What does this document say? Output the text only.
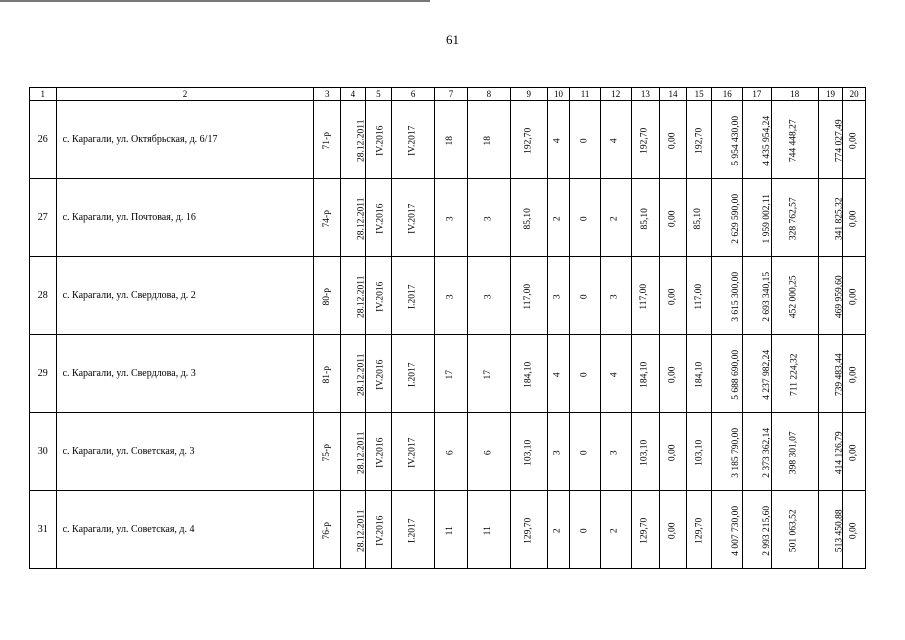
61
1	2	3	4	5	6	7	8	9	10	11	12	13	14	15	16	17	18	19	20
26	с. Карагали, ул. Октябрьская, д. 6/17	71-р	28.12.2011	IV.2016	IV.2017	18	18	192,70	4	0	4	192,70	0,00	192,70	5 954 430,00	4 435 954,24	744 448,27	774 027,49	0,00
27	с. Карагали, ул. Почтовая, д. 16	74-р	28.12.2011	IV.2016	IV.2017	3	3	85,10	2	0	2	85,10	0,00	85,10	2 629 590,00	1 959 002,11	328 762,57	341 825,32	0,00
28	с. Карагали, ул. Свердлова, д. 2	80-р	28.12.2011	IV.2016	I.2017	3	3	117,00	3	0	3	117,00	0,00	117,00	3 615 300,00	2 693 340,15	452 000,25	469 959,60	0,00
29	с. Карагали, ул. Свердлова, д. 3	81-р	28.12.2011	IV.2016	I.2017	17	17	184,10	4	0	4	184,10	0,00	184,10	5 688 690,00	4 237 982,24	711 224,32	739 483,44	0,00
30	с. Карагали, ул. Советская, д. 3	75-р	28.12.2011	IV.2016	IV.2017	6	6	103,10	3	0	3	103,10	0,00	103,10	3 185 790,00	2 373 362,14	398 301,07	414 126,79	0,00
31	с. Карагали, ул. Советская, д. 4	76-р	28.12.2011	IV.2016	I.2017	11	11	129,70	2	0	2	129,70	0,00	129,70	4 007 730,00	2 993 215,60	501 063,52	513 450,88	0,00
